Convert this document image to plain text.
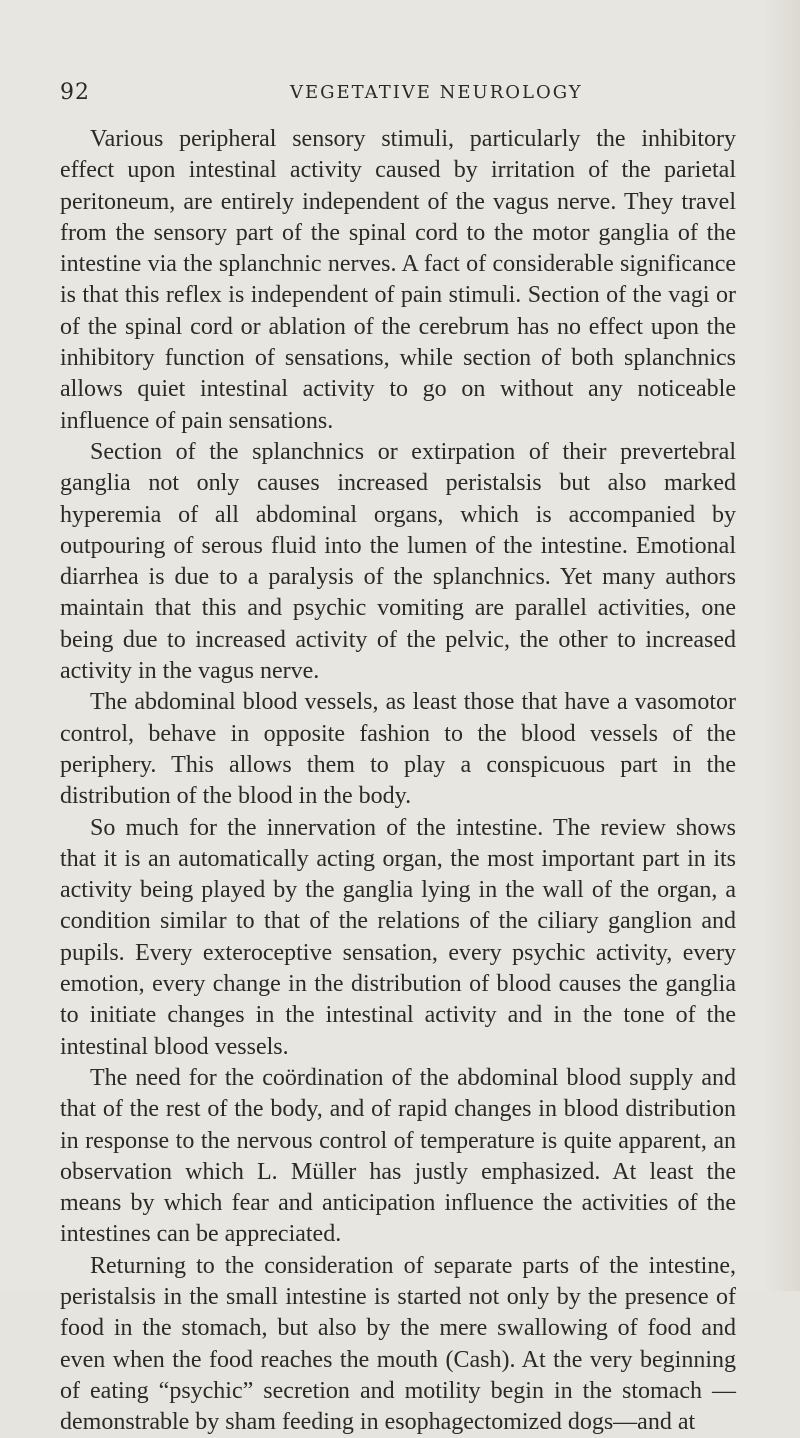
92	VEGETATIVE NEUROLOGY

Various peripheral sensory stimuli, particularly the inhibitory effect upon intestinal activity caused by irritation of the parietal peritoneum, are entirely independent of the vagus nerve. They travel from the sensory part of the spinal cord to the motor ganglia of the intestine via the splanchnic nerves. A fact of considerable significance is that this reflex is independent of pain stimuli. Section of the vagi or of the spinal cord or ablation of the cerebrum has no effect upon the inhibitory function of sensations, while section of both splanchnics allows quiet intestinal activity to go on without any noticeable influence of pain sensations.

Section of the splanchnics or extirpation of their prevertebral ganglia not only causes increased peristalsis but also marked hyperemia of all abdominal organs, which is accompanied by outpouring of serous fluid into the lumen of the intestine. Emotional diarrhea is due to a paralysis of the splanchnics. Yet many authors maintain that this and psychic vomiting are parallel activities, one being due to increased activity of the pelvic, the other to increased activity in the vagus nerve.

The abdominal blood vessels, as least those that have a vasomotor control, behave in opposite fashion to the blood vessels of the periphery. This allows them to play a conspicuous part in the distribution of the blood in the body.

So much for the innervation of the intestine. The review shows that it is an automatically acting organ, the most important part in its activity being played by the ganglia lying in the wall of the organ, a condition similar to that of the relations of the ciliary ganglion and pupils. Every exteroceptive sensation, every psychic activity, every emotion, every change in the distribution of blood causes the ganglia to initiate changes in the intestinal activity and in the tone of the intestinal blood vessels.

The need for the coördination of the abdominal blood supply and that of the rest of the body, and of rapid changes in blood distribution in response to the nervous control of temperature is quite apparent, an observation which L. Müller has justly emphasized. At least the means by which fear and anticipation influence the activities of the intestines can be appreciated.

Returning to the consideration of separate parts of the intestine, peristalsis in the small intestine is started not only by the presence of food in the stomach, but also by the mere swallowing of food and even when the food reaches the mouth (Cash). At the very beginning of eating “psychic” secretion and motility begin in the stomach —demonstrable by sham feeding in esophagectomized dogs—and at
